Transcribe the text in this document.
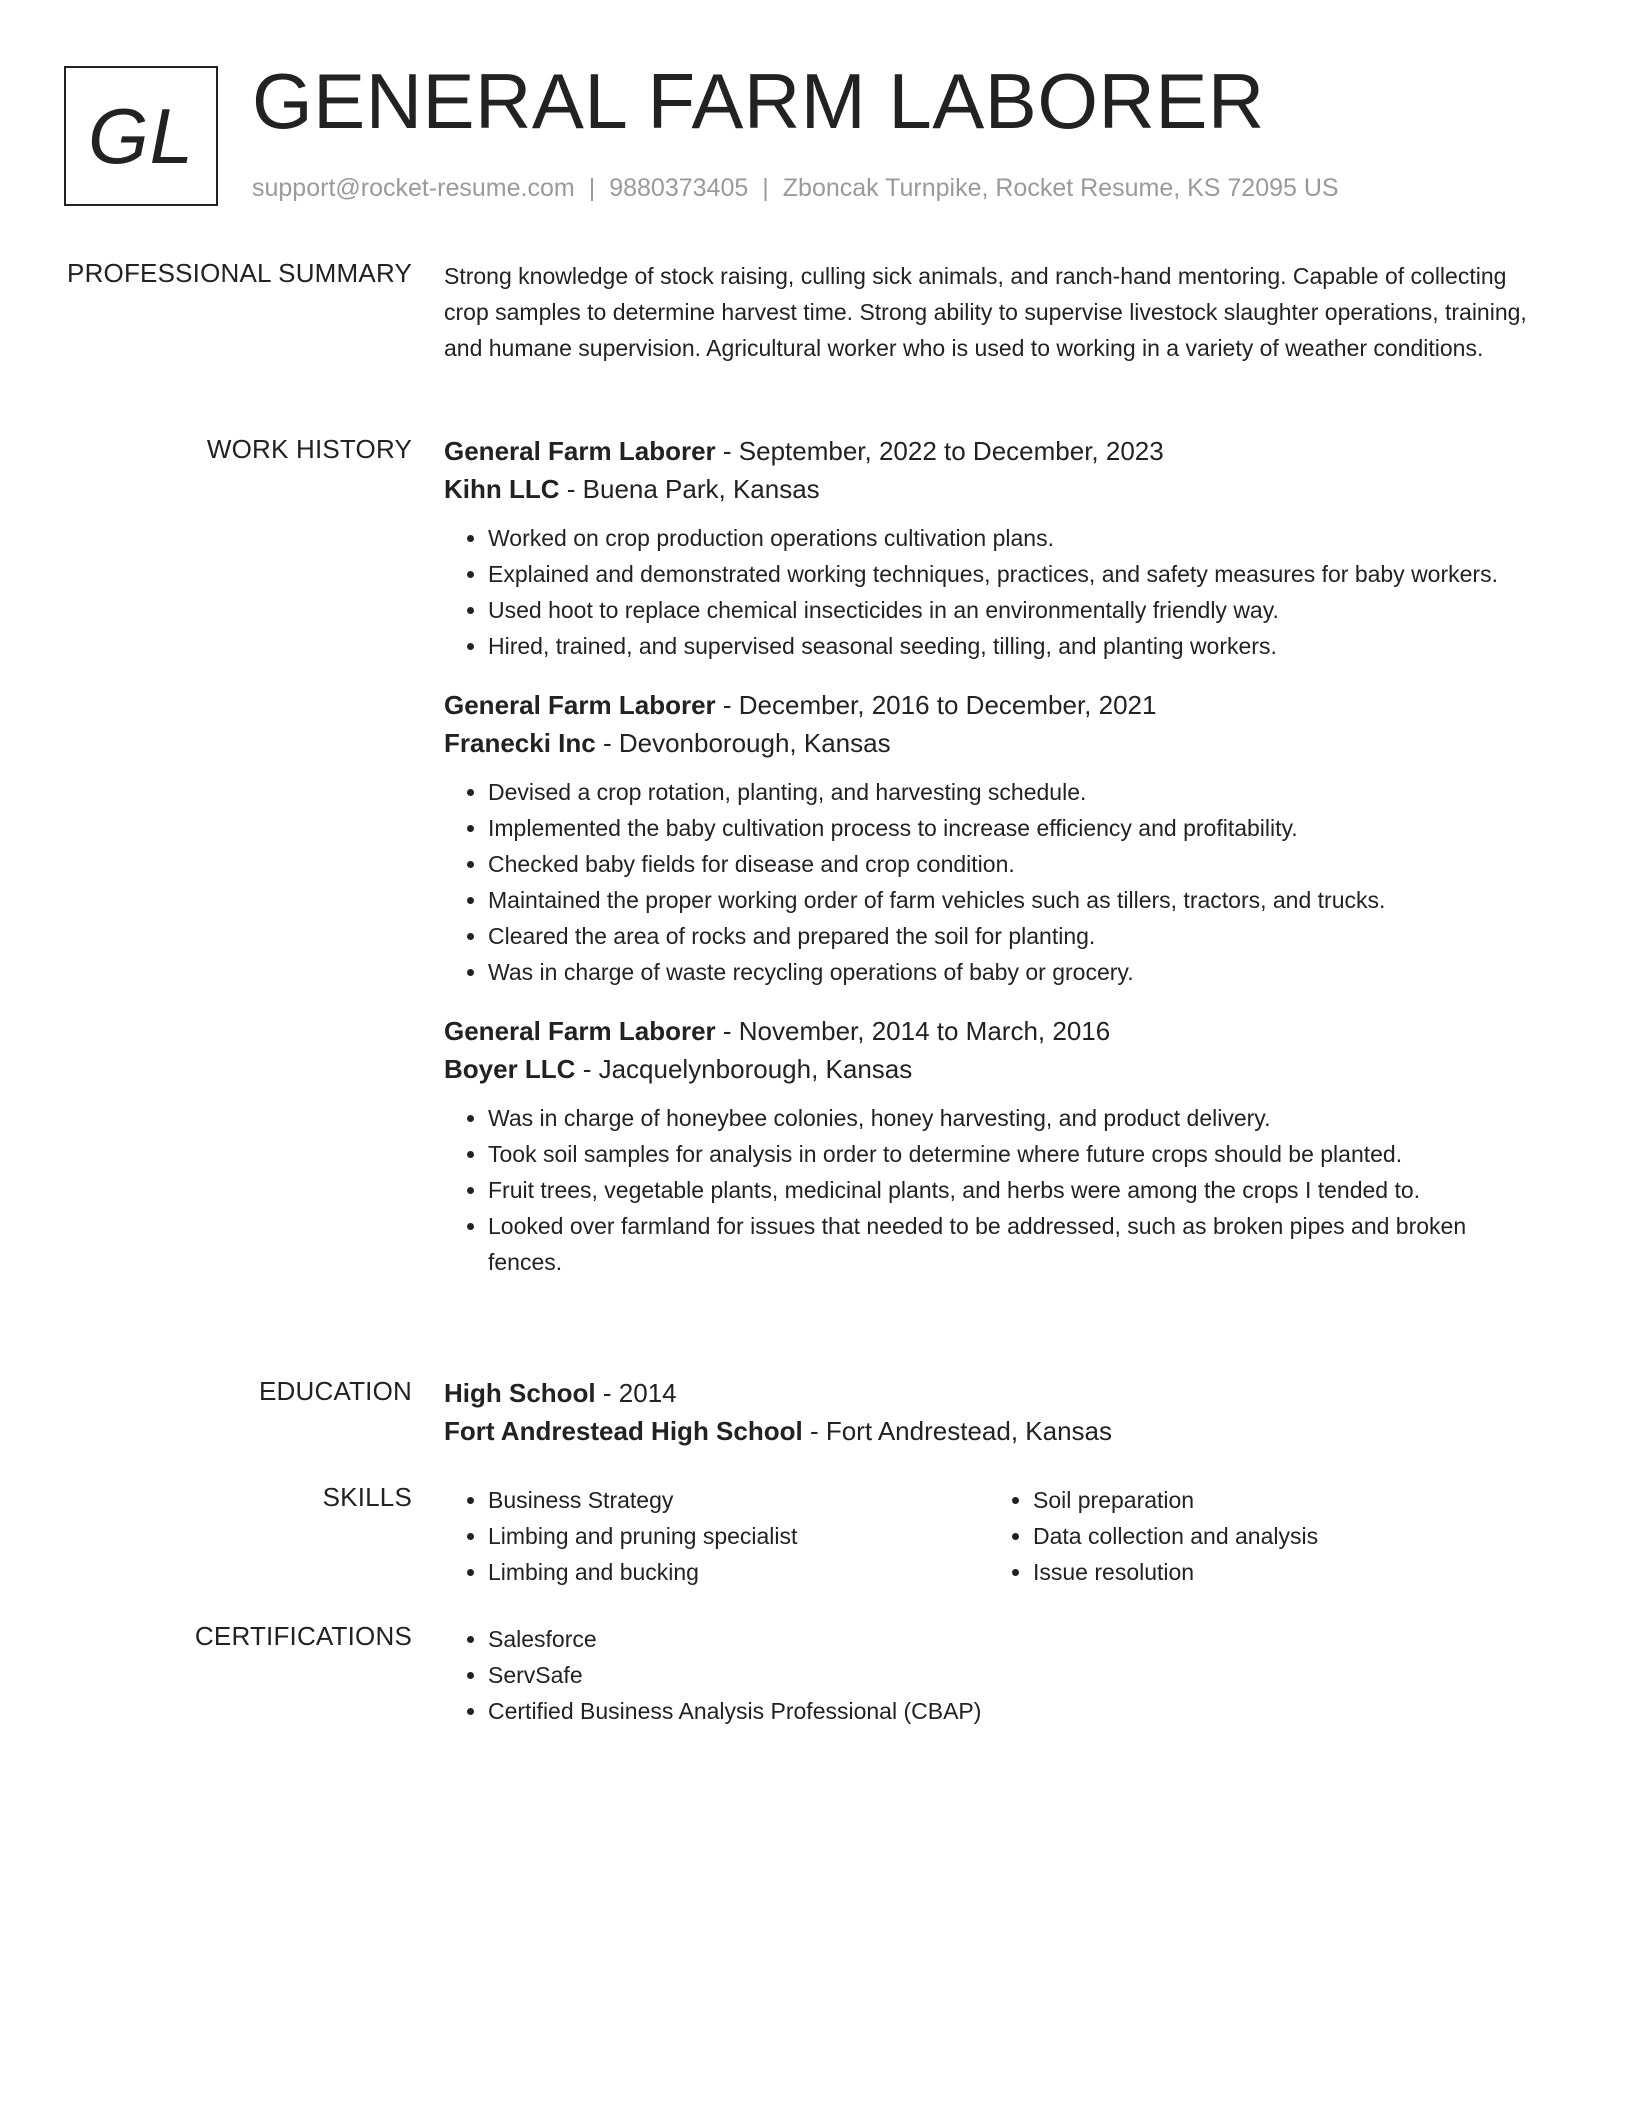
GL GENERAL FARM LABORER
support@rocket-resume.com | 9880373405 | Zboncak Turnpike, Rocket Resume, KS 72095 US
PROFESSIONAL SUMMARY Strong knowledge of stock raising, culling sick animals, and ranch-hand mentoring. Capable of collecting crop samples to determine harvest time. Strong ability to supervise livestock slaughter operations, training, and humane supervision. Agricultural worker who is used to working in a variety of weather conditions.

WORK HISTORY General Farm Laborer - September, 2022 to December, 2023
Kihn LLC - Buena Park, Kansas
• Worked on crop production operations cultivation plans.
• Explained and demonstrated working techniques, practices, and safety measures for baby workers.
• Used hoot to replace chemical insecticides in an environmentally friendly way.
• Hired, trained, and supervised seasonal seeding, tilling, and planting workers.
General Farm Laborer - December, 2016 to December, 2021
Franecki Inc - Devonborough, Kansas
• Devised a crop rotation, planting, and harvesting schedule.
• Implemented the baby cultivation process to increase efficiency and profitability.
• Checked baby fields for disease and crop condition.
• Maintained the proper working order of farm vehicles such as tillers, tractors, and trucks.
• Cleared the area of rocks and prepared the soil for planting.
• Was in charge of waste recycling operations of baby or grocery.
General Farm Laborer - November, 2014 to March, 2016
Boyer LLC - Jacquelynborough, Kansas
• Was in charge of honeybee colonies, honey harvesting, and product delivery.
• Took soil samples for analysis in order to determine where future crops should be planted.
• Fruit trees, vegetable plants, medicinal plants, and herbs were among the crops I tended to.
• Looked over farmland for issues that needed to be addressed, such as broken pipes and broken fences.
EDUCATION High School - 2014
Fort Andrestead High School - Fort Andrestead, Kansas
SKILLS	• Business Strategy
• Limbing and pruning specialist
• Limbing and bucking
• Soil preparation
• Data collection and analysis
• Issue resolution
CERTIFICATIONS	• Salesforce
• ServSafe
• Certified Business Analysis Professional (CBAP)
